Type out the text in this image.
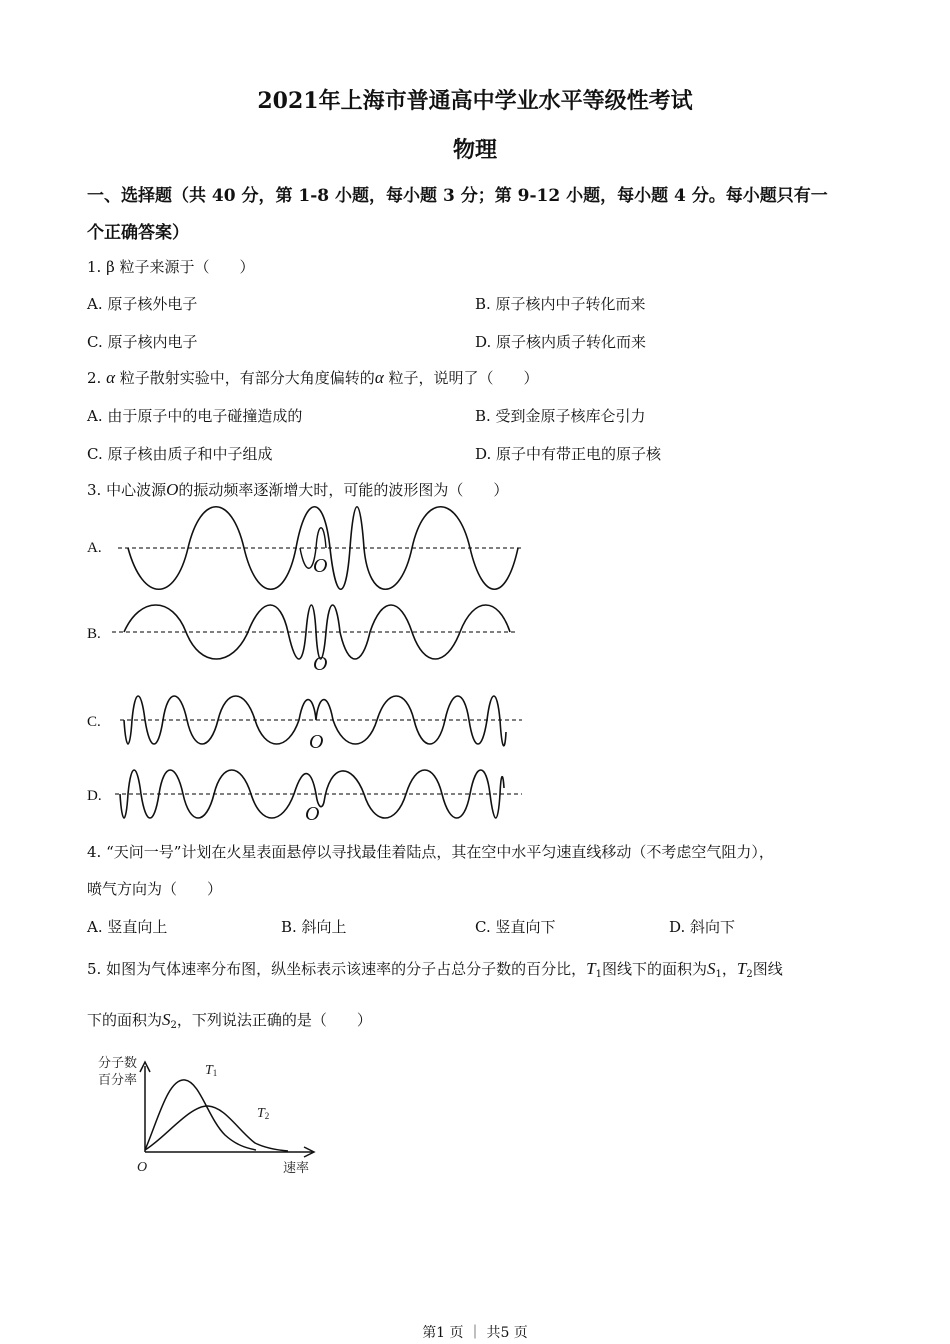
2021年上海市普通高中学业水平等级性考试
物理
一、选择题（共 40 分，第 1-8 小题，每小题 3 分；第 9-12 小题，每小题 4 分。每小题只有一
个正确答案）
1. β 粒子来源于（　　）
A. 原子核外电子	B. 原子核内中子转化而来
C. 原子核内电子	D. 原子核内质子转化而来
2. α 粒子散射实验中，有部分大角度偏转的α 粒子，说明了（　　）
A. 由于原子中的电子碰撞造成的	B. 受到金原子核库仑引力
C. 原子核由质子和中子组成	D. 原子中有带正电的原子核
3. 中心波源O的振动频率逐渐增大时，可能的波形图为（　　）
A.
O
B.
O
C.
O
D.
O
4. “天问一号”计划在火星表面悬停以寻找最佳着陆点，其在空中水平匀速直线移动（不考虑空气阻力），
喷气方向为（　　）
A. 竖直向上	B. 斜向上	C. 竖直向下	D. 斜向下
5. 如图为气体速率分布图，纵坐标表示该速率的分子占总分子数的百分比，$T_1$图线下的面积为$S_1$，$T_2$图线
下的面积为$S_2$，下列说法正确的是（　　）
分子数
百分率
T1
T2
O	速率
第1 页 ｜ 共5 页
